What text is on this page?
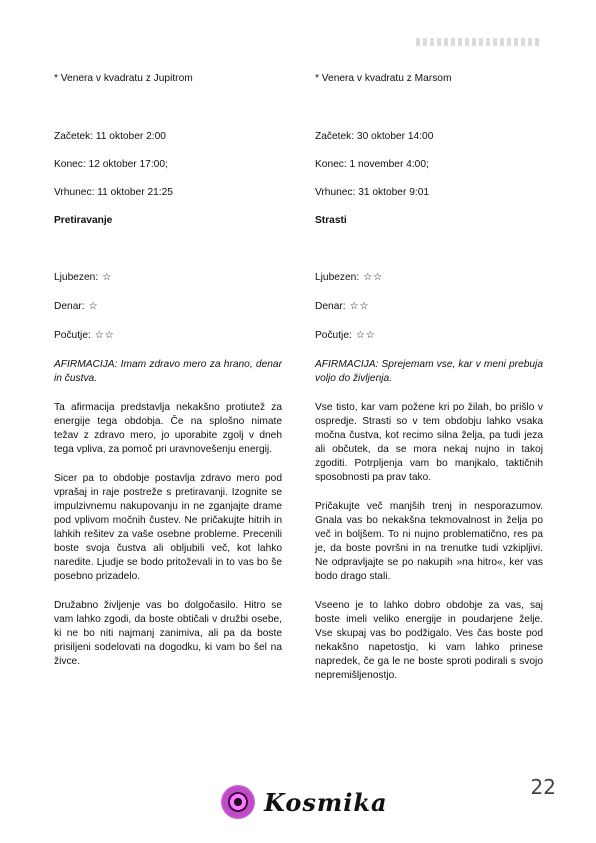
* Venera v kvadratu z Jupitrom

Začetek: 11 oktober 2:00

Konec: 12 oktober 17:00;

Vrhunec: 11 oktober 21:25

Pretiravanje

Ljubezen: ☆

Denar: ☆

Počutje: ☆☆

AFIRMACIJA: Imam zdravo mero za hrano, denar in čustva.

Ta afirmacija predstavlja nekakšno protiutež za energije tega obdobja. Če na splošno nimate težav z zdravo mero, jo uporabite zgolj v dneh tega vpliva, za pomoč pri uravnovešenju energij.

Sicer pa to obdobje postavlja zdravo mero pod vprašaj in raje postreže s pretiravanji. Izognite se impulzivnemu nakupovanju in ne zganjajte drame pod vplivom močnih čustev. Ne pričakujte hitrih in lahkih rešitev za vaše osebne probleme. Precenili boste svoja čustva ali obljubili več, kot lahko naredite. Ljudje se bodo pritoževali in to vas bo še posebno prizadelo.

Družabno življenje vas bo dolgočasilo. Hitro se vam lahko zgodi, da boste obtičali v družbi osebe, ki ne bo niti najmanj zanimiva, ali pa da boste prisiljeni sodelovati na dogodku, ki vam bo šel na živce.

* Venera v kvadratu z Marsom

Začetek: 30 oktober 14:00

Konec: 1 november 4:00;

Vrhunec: 31 oktober 9:01

Strasti

Ljubezen: ☆☆

Denar: ☆☆

Počutje: ☆☆

AFIRMACIJA: Sprejemam vse, kar v meni prebuja voljo do življenja.

Vse tisto, kar vam požene kri po žilah, bo prišlo v ospredje. Strasti so v tem obdobju lahko vsaka močna čustva, kot recimo silna želja, pa tudi jeza ali občutek, da se mora nekaj nujno in takoj zgoditi. Potrpljenja vam bo manjkalo, taktičnih sposobnosti pa prav tako.

Pričakujte več manjših trenj in nesporazumov. Gnala vas bo nekakšna tekmovalnost in želja po več in boljšem. To ni nujno problematično, res pa je, da boste površni in na trenutke tudi vzkipljivi. Ne odpravljajte se po nakupih »na hitro«, ker vas bodo drago stali.

Vseeno je to lahko dobro obdobje za vas, saj boste imeli veliko energije in poudarjene želje. Vse skupaj vas bo podžigalo. Ves čas boste pod nekakšno napetostjo, ki vam lahko prinese napredek, če ga le ne boste sproti podirali s svojo nepremišljenostjo.

22
Kosmika
